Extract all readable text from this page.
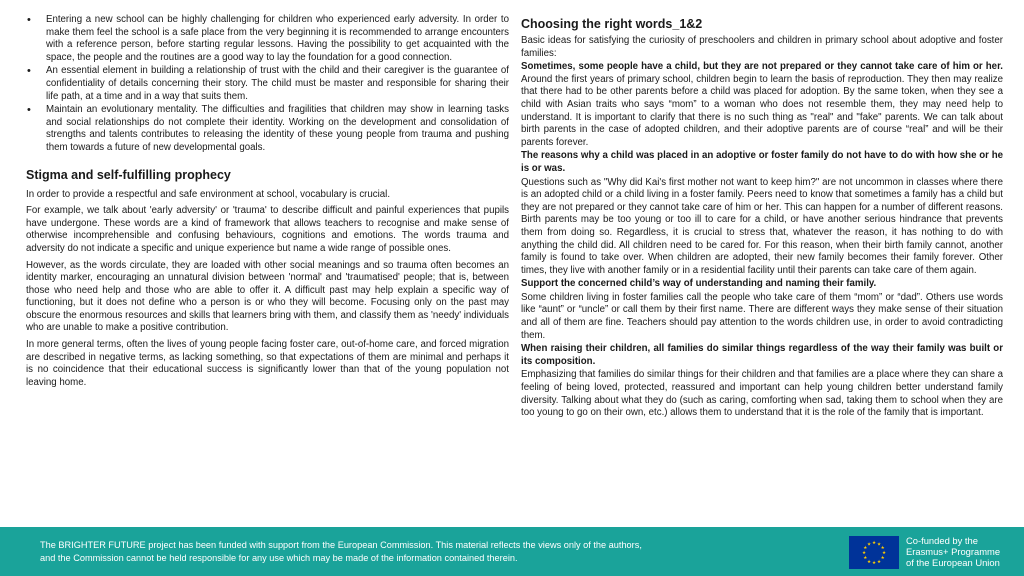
• Entering a new school can be highly challenging for children who experienced early adversity. In order to make them feel the school is a safe place from the very beginning it is recommended to arrange encounters with a reference person, before starting regular lessons. Having the possibility to get acquainted with the space, the people and the routines are a good way to lay the foundation for a good connection.
• An essential element in building a relationship of trust with the child and their caregiver is the guarantee of confidentiality of details concerning their story. The child must be master and responsible for sharing their life path, at a time and in a way that suits them.
• Maintain an evolutionary mentality. The difficulties and fragilities that children may show in learning tasks and social relationships do not complete their identity. Working on the development and consolidation of strengths and talents contributes to releasing the identity of these young people from trauma and pushing them towards a future of new developmental goals.
Stigma and self-fulfilling prophecy

In order to provide a respectful and safe environment at school, vocabulary is crucial.

For example, we talk about 'early adversity' or 'trauma' to describe difficult and painful experiences that pupils have undergone. These words are a kind of framework that allows teachers to recognise and make sense of otherwise incomprehensible and confusing behaviours, cognitions and emotions. The words trauma and adversity do not indicate a specific and unique experience but name a wide range of possible ones.

However, as the words circulate, they are loaded with other social meanings and so trauma often becomes an identity marker, encouraging an unnatural division between 'normal' and 'traumatised' people; that is, between those who need help and those who are able to offer it. A difficult past may help explain a specific way of functioning, but it does not define who a person is or who they will become. Focusing only on the past may obscure the enormous resources and skills that learners bring with them, and classify them as 'needy' individuals who are unable to make a positive contribution.

In more general terms, often the lives of young people facing foster care, out-of-home care, and forced migration are described in negative terms, as lacking something, so that expectations of them are minimal and perhaps it is no coincidence that their educational success is significantly lower than that of the young population not leaving home.

Choosing the right words_1&2

Basic ideas for satisfying the curiosity of preschoolers and children in primary school about adoptive and foster families:

Sometimes, some people have a child, but they are not prepared or they cannot take care of him or her. Around the first years of primary school, children begin to learn the basis of reproduction. They then may realize that there had to be other parents before a child was placed for adoption. By the same token, when they see a child with Asian traits who says “mom” to a woman who does not resemble them, they may need help to understand. It is important to clarify that there is no such thing as "real" and "fake" parents. We can talk about birth parents in the case of adopted children, and their adoptive parents are of course “real” and will be their parents forever.

The reasons why a child was placed in an adoptive or foster family do not have to do with how she or he is or was.

Questions such as "Why did Kai's first mother not want to keep him?" are not uncommon in classes where there is an adopted child or a child living in a foster family. Peers need to know that sometimes a family has a child but they are not prepared or they cannot take care of him or her. This can happen for a number of different reasons. Birth parents may be too young or too ill to care for a child, or have another serious hindrance that prevents them from doing so. Regardless, it is crucial to stress that, whatever the reason, it has nothing to do with anything the child did. All children need to be cared for. For this reason, when their birth family cannot, another family is found to take over. When children are adopted, their new family becomes their family forever. Other times, they live with another family or in a residential facility until their parents can take care of them again.

Support the concerned child’s way of understanding and naming their family.

Some children living in foster families call the people who take care of them “mom” or “dad”. Others use words like “aunt” or “uncle” or call them by their first name. There are different ways they make sense of their situation and all of them are fine. Teachers should pay attention to the words children use, in order to avoid contradicting them.

When raising their children, all families do similar things regardless of the way their family was built or its composition.

Emphasizing that families do similar things for their children and that families are a place where they can share a feeling of being loved, protected, reassured and important can help young children better understand family diversity. Talking about what they do (such as caring, comforting when sad, taking them to school when they are too young to go on their own, etc.) allows them to understand that it is the role of the family that is important.

The BRIGHTER FUTURE project has been funded with support from the European Commission. This material reflects the views only of the authors,
and the Commission cannot be held responsible for any use which may be made of the information contained therein.
★ ★
★
★
★
★
★
★
★
★
★
★	Co-funded by the
Erasmus+ Programme
of the European Union
